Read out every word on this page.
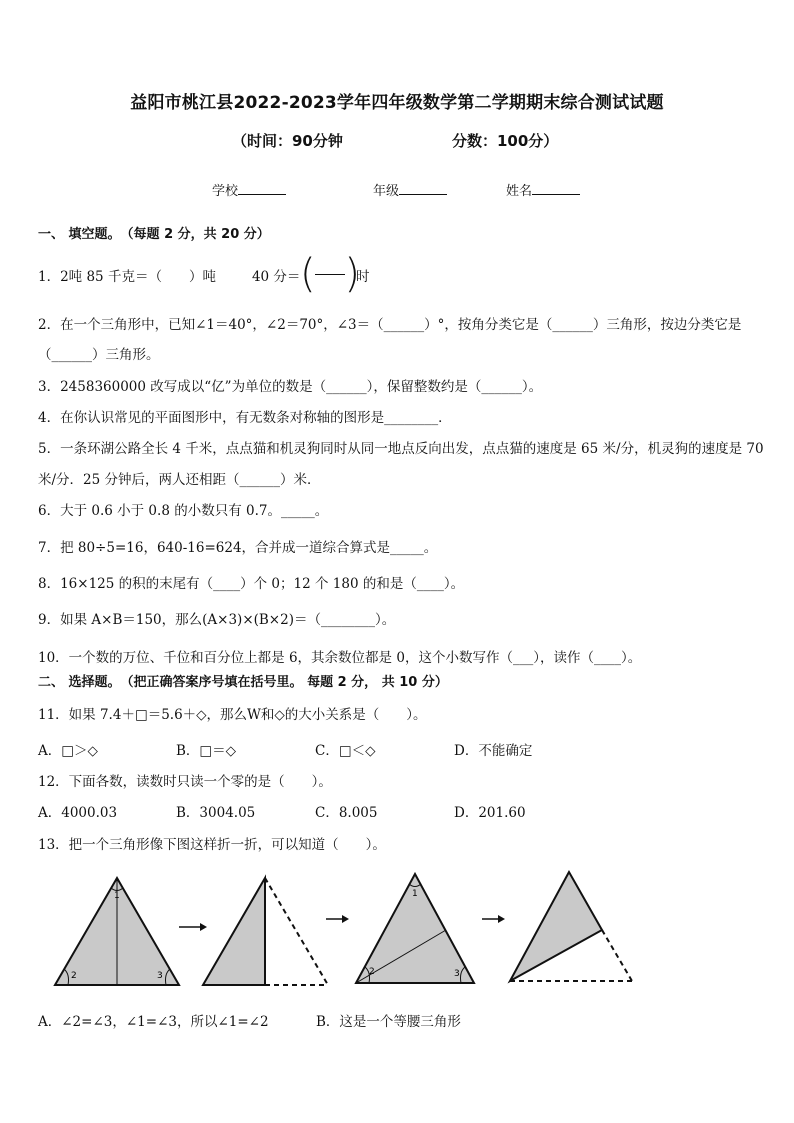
益阳市桃江县2022-2023学年四年级数学第二学期期末综合测试试题
（时间：90分钟	分数：100分）
学校	年级	姓名
一、 填空题。　 （每题 2 分，共 20 分）
1．2吨 85 千克＝（　　）吨	40 分＝ ( )
时
2．在一个三角形中，已知∠1＝40°，∠2＝70°，∠3＝（______）°，按角分类它是（______）三角形，按边分类它是
（______）三角形。
3．2458360000 改写成以“亿”为单位的数是（______），保留整数约是（______）。
4．在你认识常见的平面图形中，有无数条对称轴的图形是________．
5．一条环湖公路全长 4 千米，点点猫和机灵狗同时从同一地点反向出发，点点猫的速度是 65 米/分，机灵狗的速度是 70
米/分．25 分钟后，两人还相距（______）米．
6．大于 0.6 小于 0.8 的小数只有 0.7。_____。
7．把 80÷5=16，640-16=624，合并成一道综合算式是_____。
8．16×125 的积的末尾有（____）个 0；12 个 180 的和是（____）。
9．如果 A×B＝150，那么(A×3)×(B×2)＝（________）。
10．一个数的万位、千位和百分位上都是 6，其余数位都是 0，这个小数写作（___），读作（____）。
二、 选择题。　 （把正确答案序号填在括号里。 每题 2 分， 共 10 分）
11．如果 7.4＋□＝5.6＋◇，那么W和◇的大小关系是（　　）。
A．□＞◇	B．□＝◇	C．□＜◇	D．不能确定
12．下面各数，读数时只读一个零的是（　　）。
A．4000.03	B．3004.05	C．8.005	D．201.60
13．把一个三角形像下图这样折一折，可以知道（　　）。
1
2	3
1
2	3
A．∠2=∠3，∠1=∠3，所以∠1=∠2	B．这是一个等腰三角形
